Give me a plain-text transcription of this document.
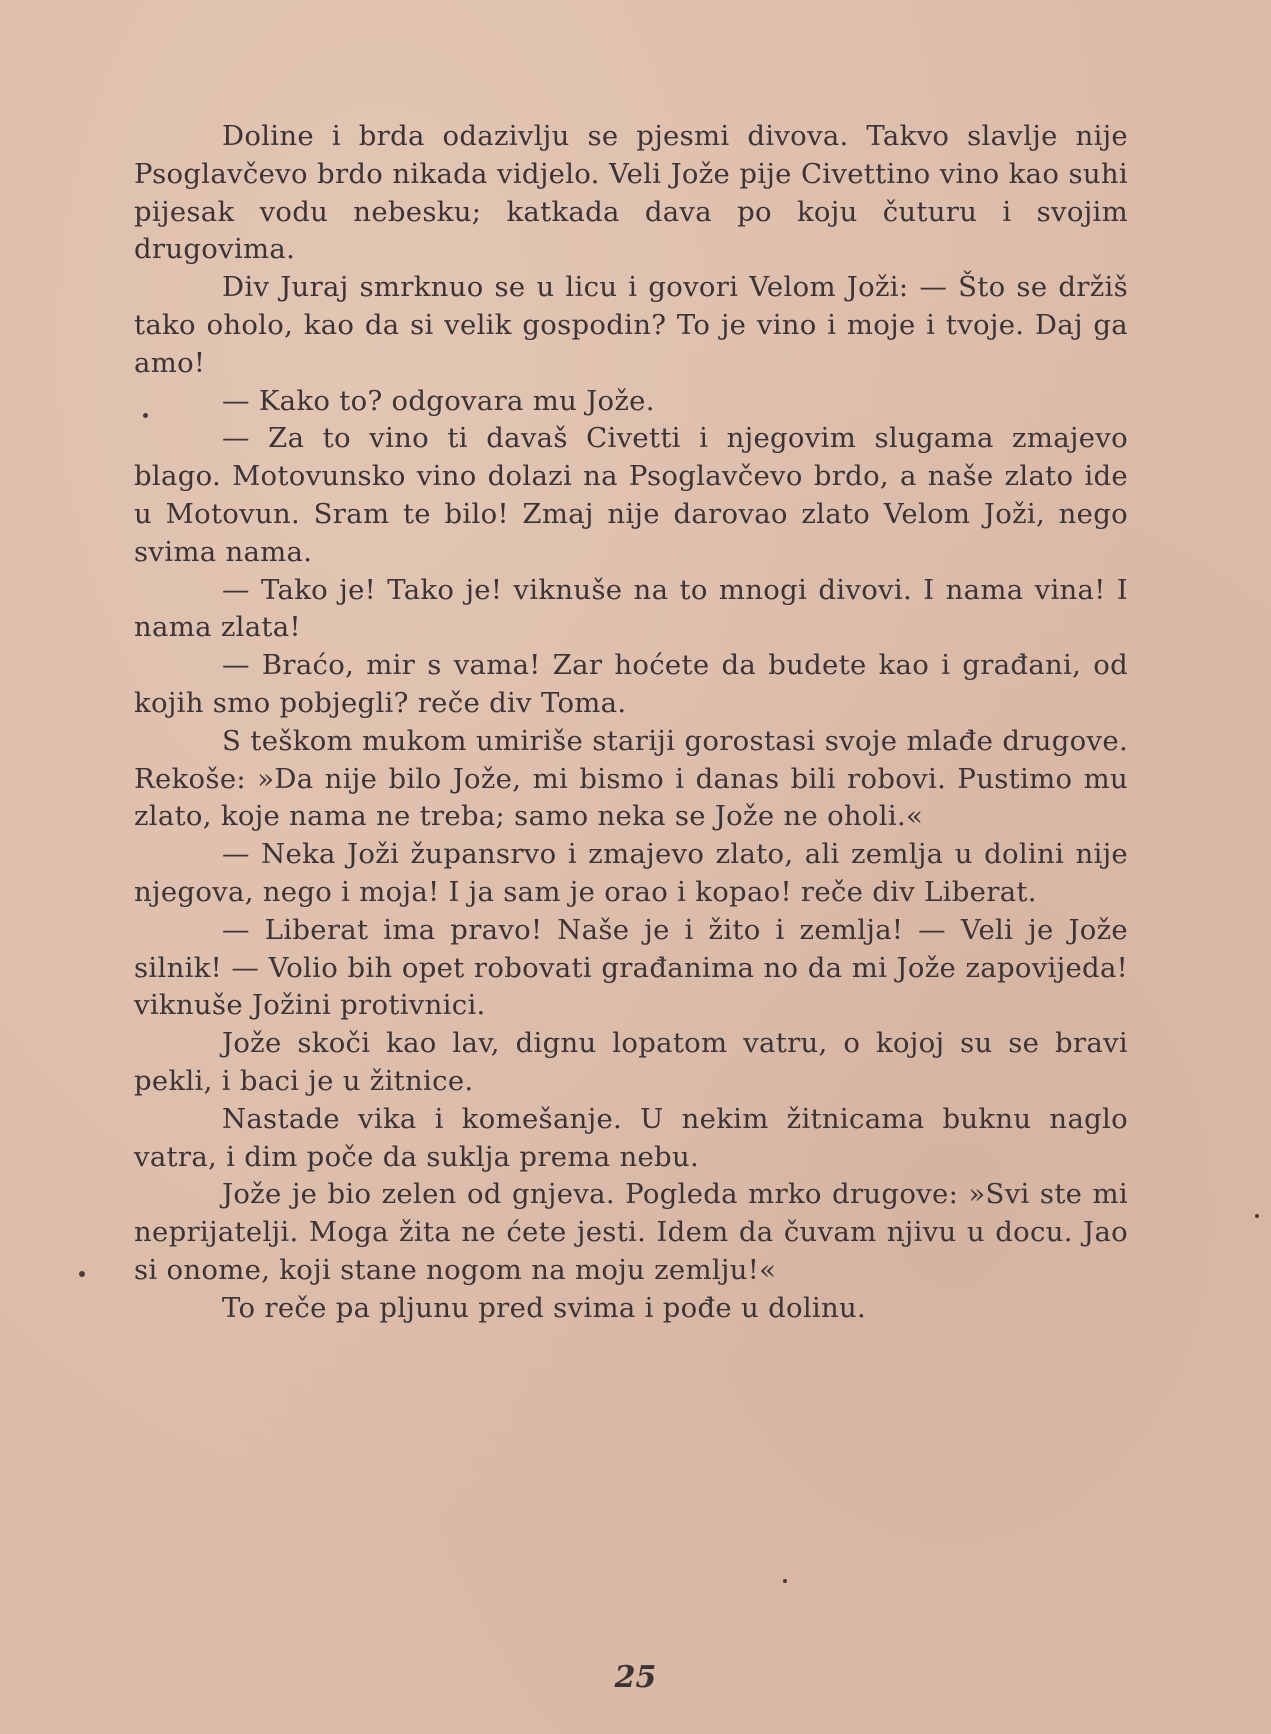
Doline i brda odazivlju se pjesmi divova. Takvo slavlje nije Psoglavčevo brdo nikada vidjelo. Veli Jože pije Civettino vino kao suhi pijesak vodu nebesku; katkada dava po koju čuturu i svojim drugovima.

Div Juraj smrknuo se u licu i govori Velom Joži: — Što se držiš tako oholo, kao da si velik gospodin? To je vino i moje i tvoje. Daj ga amo!

— Kako to? odgovara mu Jože.

— Za to vino ti davaš Civetti i njegovim slugama zmajevo blago. Motovunsko vino dolazi na Psoglavčevo brdo, a naše zlato ide u Motovun. Sram te bilo! Zmaj nije darovao zlato Velom Joži, nego svima nama.

— Tako je! Tako je! viknuše na to mnogi divovi. I nama vina! I nama zlata!

— Braćo, mir s vama! Zar hoćete da budete kao i građani, od kojih smo pobjegli? reče div Toma.

S teškom mukom umiriše stariji gorostasi svoje mlađe drugove. Rekoše: »Da nije bilo Jože, mi bismo i danas bili robovi. Pustimo mu zlato, koje nama ne treba; samo neka se Jože ne oholi.«

— Neka Joži župansrvo i zmajevo zlato, ali zemlja u dolini nije njegova, nego i moja! I ja sam je orao i kopao! reče div Liberat.

— Liberat ima pravo! Naše je i žito i zemlja! — Veli je Jože silnik! — Volio bih opet robovati građanima no da mi Jože zapovijeda! viknuše Jožini protivnici.

Jože skoči kao lav, dignu lopatom vatru, o kojoj su se bravi pekli, i baci je u žitnice.

Nastade vika i komešanje. U nekim žitnicama buknu naglo vatra, i dim poče da suklja prema nebu.

Jože je bio zelen od gnjeva. Pogleda mrko drugove: »Svi ste mi neprijatelji. Moga žita ne ćete jesti. Idem da čuvam njivu u docu. Jao si onome, koji stane nogom na moju zemlju!«

To reče pa pljunu pred svima i pođe u dolinu.

25
